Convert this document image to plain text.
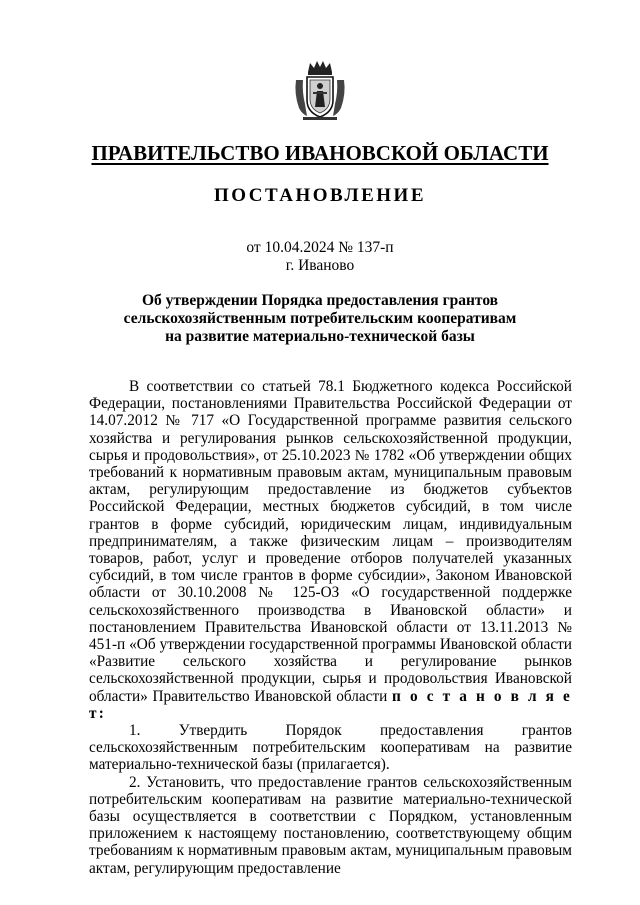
ПРАВИТЕЛЬСТВО ИВАНОВСКОЙ ОБЛАСТИ
ПОСТАНОВЛЕНИЕ
от 10.04.2024 № 137-п
г. Иваново
Об утверждении Порядка предоставления грантов
сельскохозяйственным потребительским кооперативам
на развитие материально-технической базы

В соответствии со статьей 78.1 Бюджетного кодекса Российской Федерации, постановлениями Правительства Российской Федерации от 14.07.2012 № 717 «О Государственной программе развития сельского хозяйства и регулирования рынков сельскохозяйственной продукции, сырья и продовольствия», от 25.10.2023 № 1782 «Об утверждении общих требований к нормативным правовым актам, муниципальным правовым актам, регулирующим предоставление из бюджетов субъектов Российской Федерации, местных бюджетов субсидий, в том числе грантов в форме субсидий, юридическим лицам, индивидуальным предпринимателям, а также физическим лицам – производителям товаров, работ, услуг и проведение отборов получателей указанных субсидий, в том числе грантов в форме субсидии», Законом Ивановской области от 30.10.2008 № 125-ОЗ «О государственной поддержке сельскохозяйственного производства в Ивановской области» и постановлением Правительства Ивановской области от 13.11.2013 № 451-п «Об утверждении государственной программы Ивановской области «Развитие сельского хозяйства и регулирование рынков сельскохозяйственной продукции, сырья и продовольствия Ивановской области» Правительство Ивановской области п о с т а н о в л я е т:

1. Утвердить Порядок предоставления грантов сельскохозяйственным потребительским кооперативам на развитие материально-технической базы (прилагается).

2. Установить, что предоставление грантов сельскохозяйственным потребительским кооперативам на развитие материально-технической базы осуществляется в соответствии с Порядком, установленным приложением к настоящему постановлению, соответствующему общим требованиям к нормативным правовым актам, муниципальным правовым актам, регулирующим предоставление
